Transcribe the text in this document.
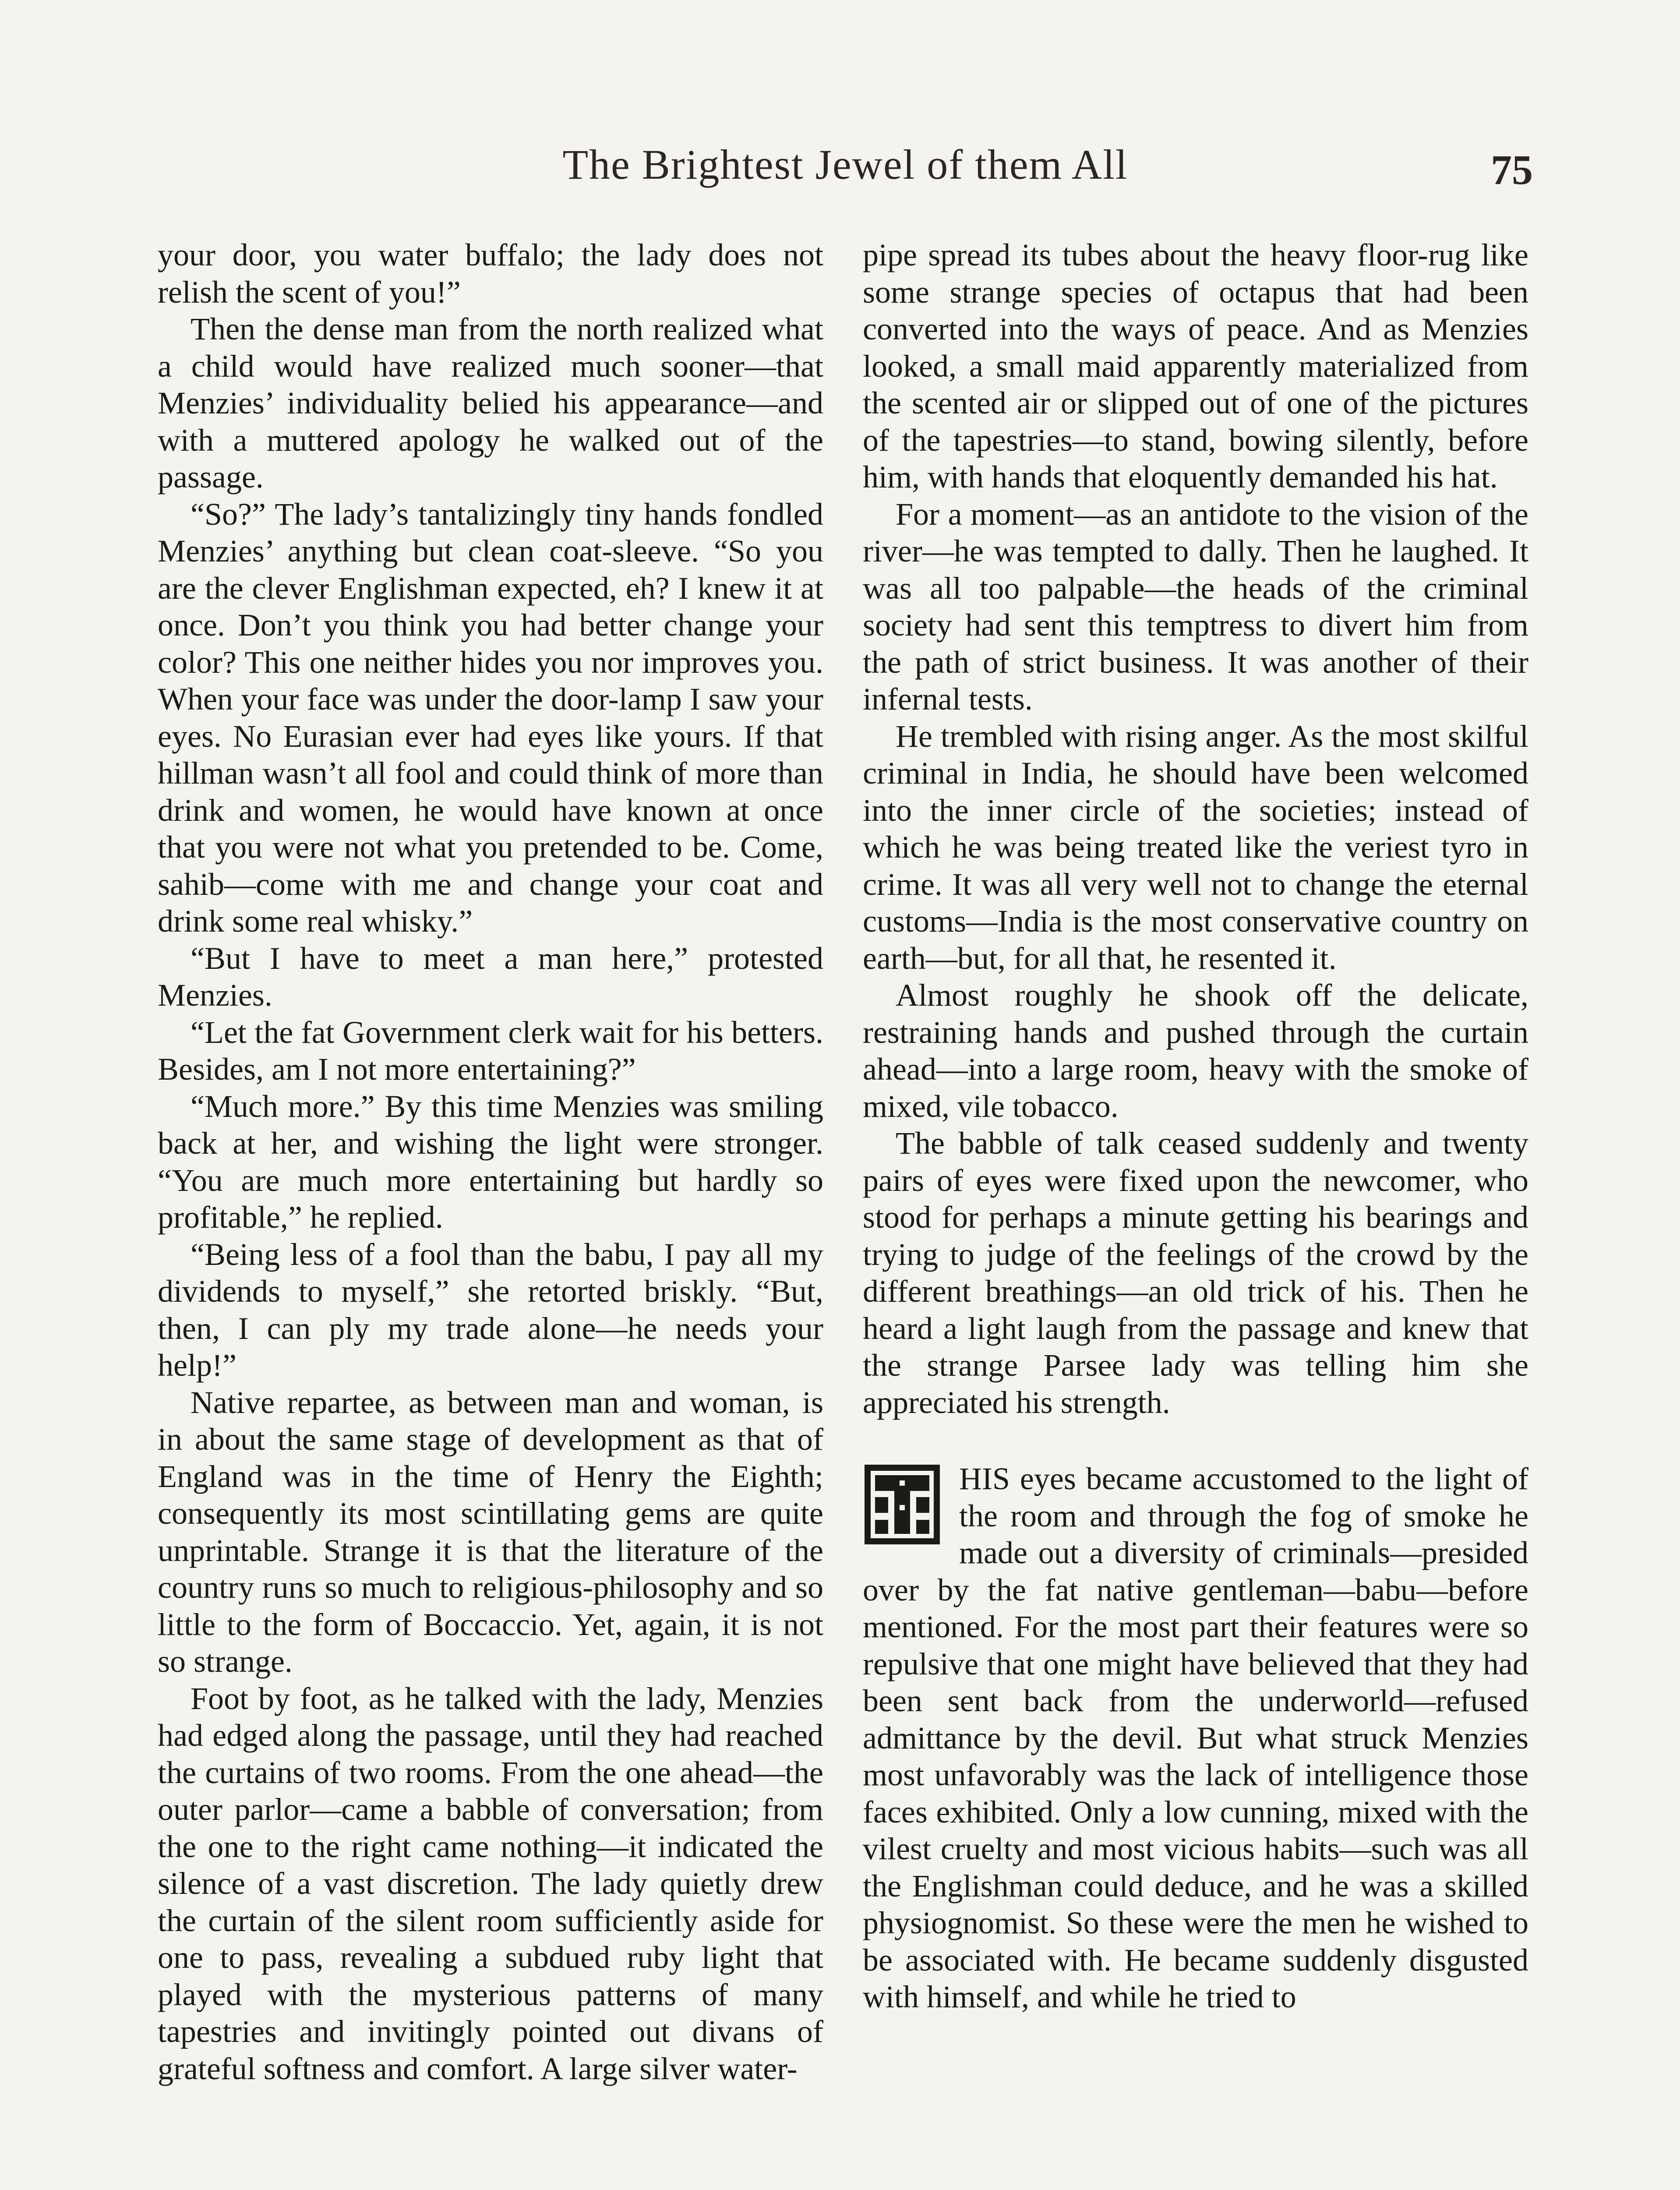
The Brightest Jewel of them All	75

your door, you water buffalo; the lady does not relish the scent of you!”

Then the dense man from the north realized what a child would have realized much sooner—that Menzies’ individuality belied his appearance—and with a muttered apology he walked out of the passage.

“So?” The lady’s tantalizingly tiny hands fondled Menzies’ anything but clean coat-sleeve. “So you are the clever Englishman expected, eh? I knew it at once. Don’t you think you had better change your color? This one neither hides you nor improves you. When your face was under the door-lamp I saw your eyes. No Eurasian ever had eyes like yours. If that hillman wasn’t all fool and could think of more than drink and women, he would have known at once that you were not what you pretended to be. Come, sahib—come with me and change your coat and drink some real whisky.”

“But I have to meet a man here,” protested Menzies.

“Let the fat Government clerk wait for his betters. Besides, am I not more entertaining?”

“Much more.” By this time Menzies was smiling back at her, and wishing the light were stronger. “You are much more entertaining but hardly so profitable,” he replied.

“Being less of a fool than the babu, I pay all my dividends to myself,” she retorted briskly. “But, then, I can ply my trade alone—he needs your help!”

Native repartee, as between man and woman, is in about the same stage of development as that of England was in the time of Henry the Eighth; consequently its most scintillating gems are quite unprintable. Strange it is that the literature of the country runs so much to religious-philosophy and so little to the form of Boccaccio. Yet, again, it is not so strange.

Foot by foot, as he talked with the lady, Menzies had edged along the passage, until they had reached the curtains of two rooms. From the one ahead—the outer parlor—came a babble of conversation; from the one to the right came nothing—it indicated the silence of a vast discretion. The lady quietly drew the curtain of the silent room sufficiently aside for one to pass, revealing a subdued ruby light that played with the mysterious patterns of many tapestries and invitingly pointed out divans of grateful softness and comfort. A large silver water-

pipe spread its tubes about the heavy floor-rug like some strange species of octapus that had been converted into the ways of peace. And as Menzies looked, a small maid apparently materialized from the scented air or slipped out of one of the pictures of the tapestries—to stand, bowing silently, before him, with hands that eloquently demanded his hat.

For a moment—as an antidote to the vision of the river—he was tempted to dally. Then he laughed. It was all too palpable—the heads of the criminal society had sent this temptress to divert him from the path of strict business. It was another of their infernal tests.

He trembled with rising anger. As the most skilful criminal in India, he should have been welcomed into the inner circle of the societies; instead of which he was being treated like the veriest tyro in crime. It was all very well not to change the eternal customs—India is the most conservative country on earth—but, for all that, he resented it.

Almost roughly he shook off the delicate, restraining hands and pushed through the curtain ahead—into a large room, heavy with the smoke of mixed, vile tobacco.

The babble of talk ceased suddenly and twenty pairs of eyes were fixed upon the newcomer, who stood for perhaps a minute getting his bearings and trying to judge of the feelings of the crowd by the different breathings—an old trick of his. Then he heard a light laugh from the passage and knew that the strange Parsee lady was telling him she appreciated his strength.

HIS eyes became accustomed to the light of the room and through the fog of smoke he made out a diversity of criminals—presided over by the fat native gentleman—babu—before mentioned. For the most part their features were so repulsive that one might have believed that they had been sent back from the underworld—refused admittance by the devil. But what struck Menzies most unfavorably was the lack of intelligence those faces exhibited. Only a low cunning, mixed with the vilest cruelty and most vicious habits—such was all the Englishman could deduce, and he was a skilled physiognomist. So these were the men he wished to be associated with. He became suddenly disgusted with himself, and while he tried to
